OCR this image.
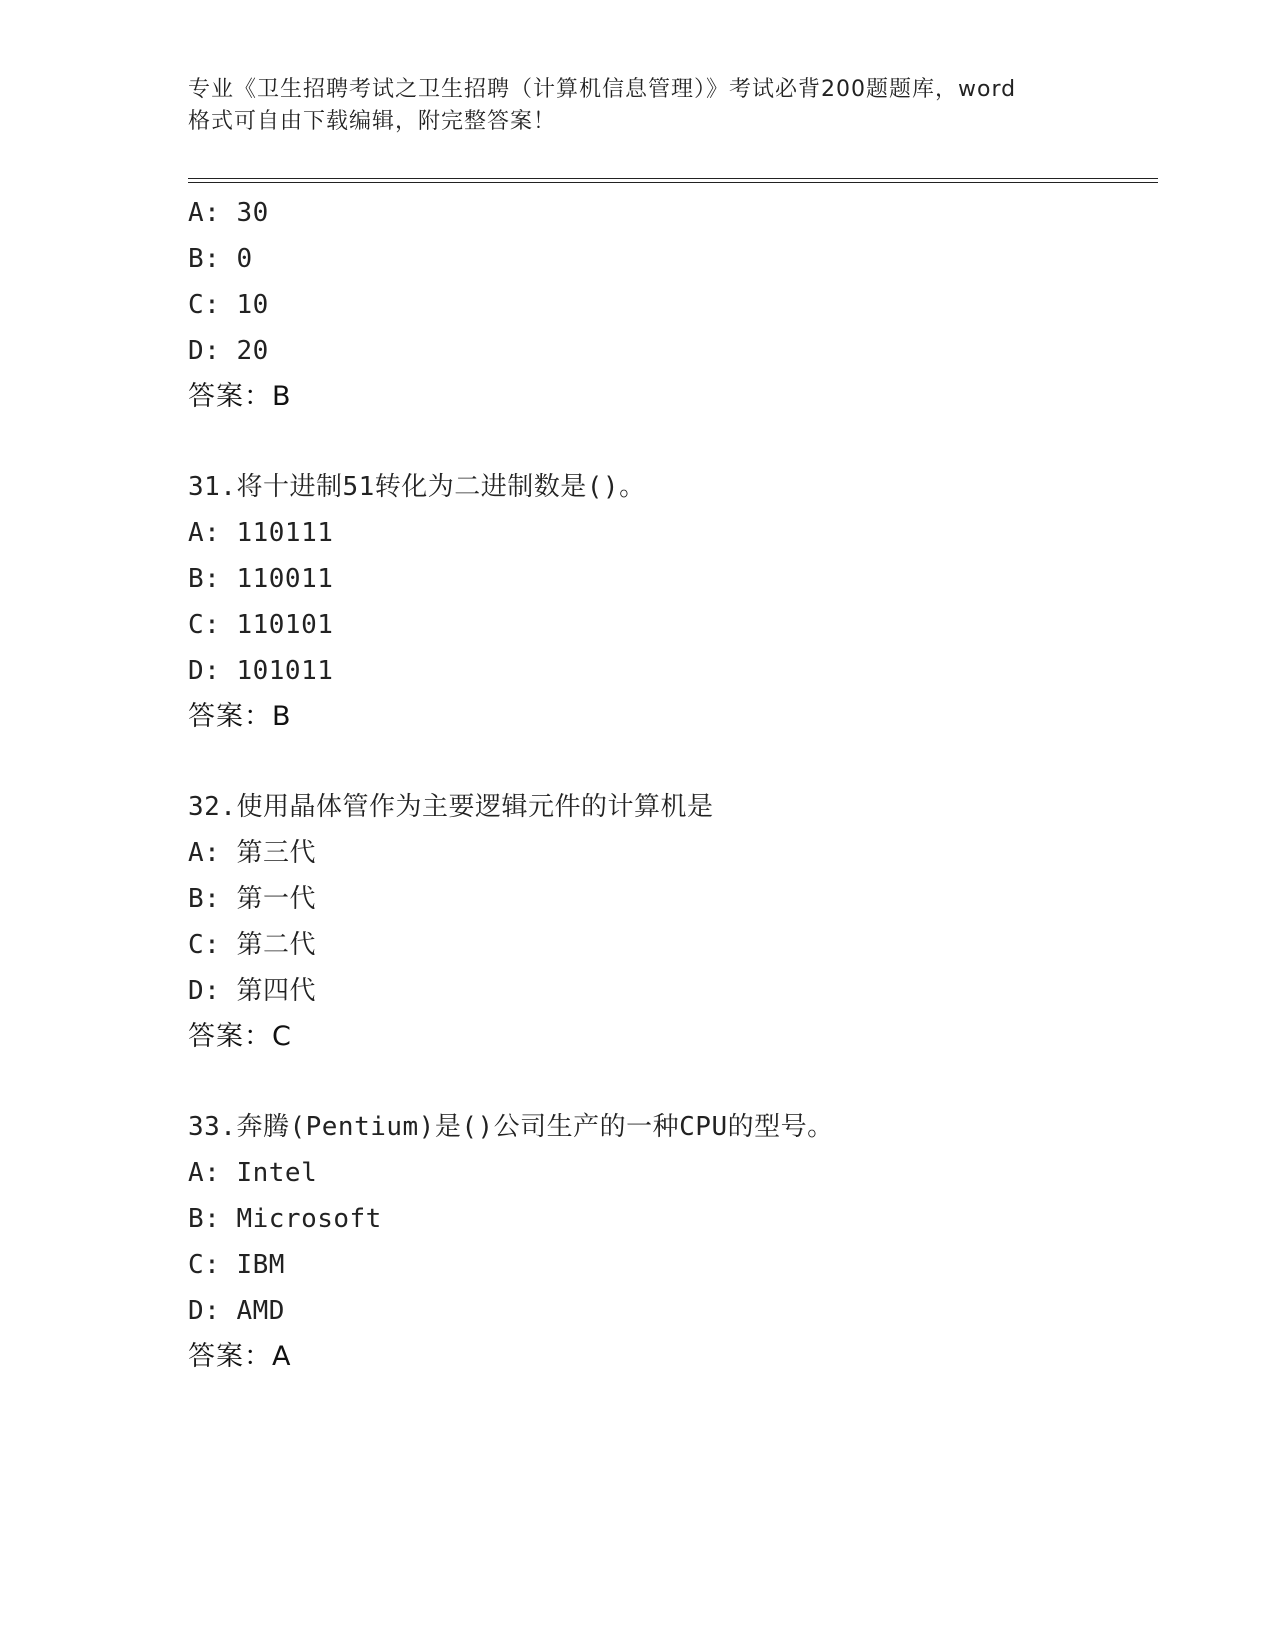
专业《卫生招聘考试之卫生招聘（计算机信息管理）》考试必背200题题库，word
格式可自由下载编辑，附完整答案！
A: 30
B: 0
C: 10
D: 20
答案：B
31.将十进制51转化为二进制数是()。
A: 110111
B: 110011
C: 110101
D: 101011
答案：B
32.使用晶体管作为主要逻辑元件的计算机是
A: 第三代
B: 第一代
C: 第二代
D: 第四代
答案：C
33.奔腾(Pentium)是()公司生产的一种CPU的型号。
A: Intel
B: Microsoft
C: IBM
D: AMD
答案：A
